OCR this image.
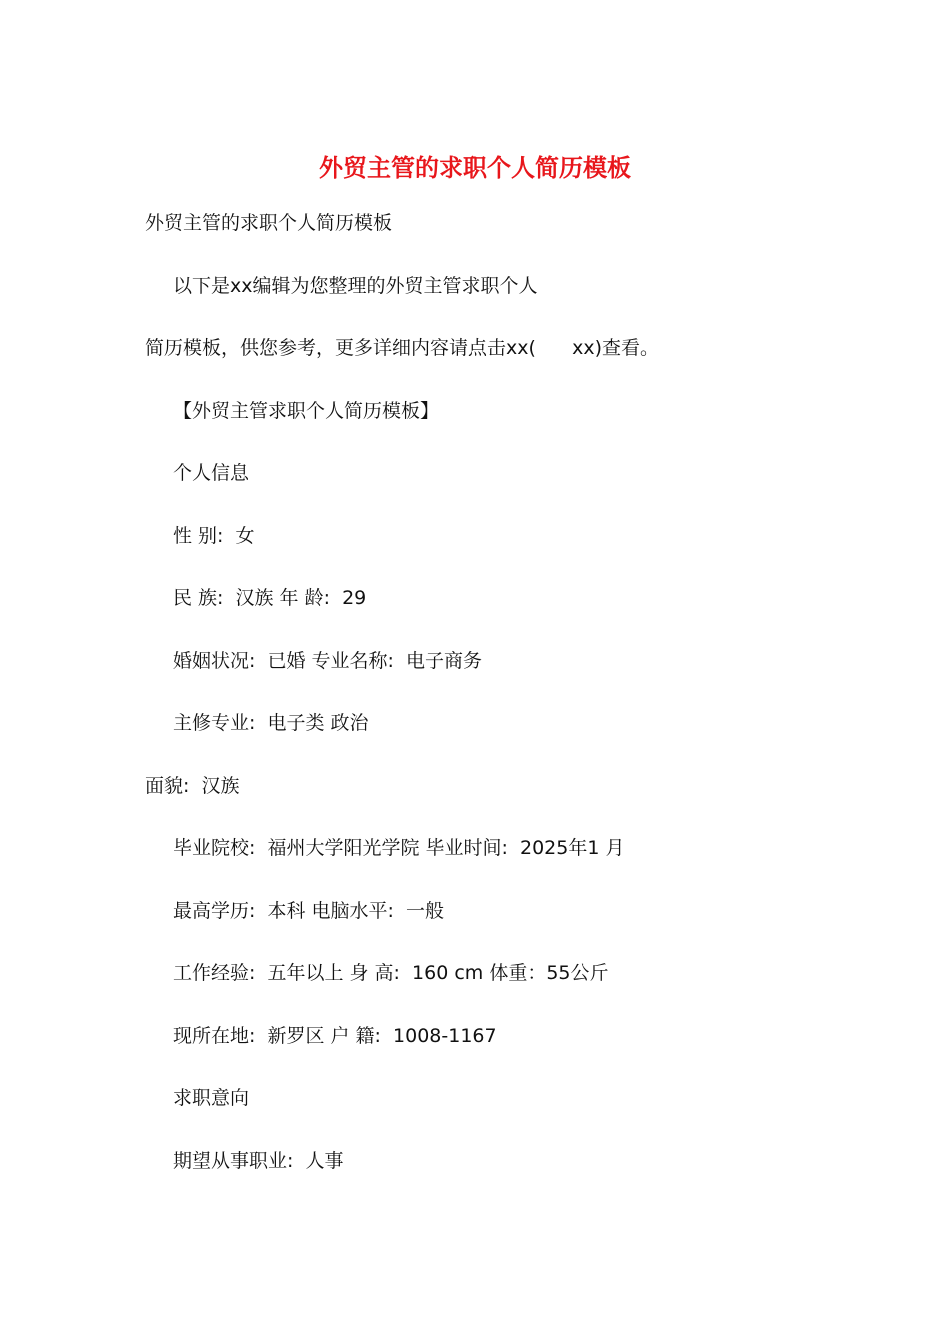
外贸主管的求职个人简历模板
外贸主管的求职个人简历模板
以下是xx编辑为您整理的外贸主管求职个人
简历模板，供您参考，更多详细内容请点击xx(      xx)查看。
【外贸主管求职个人简历模板】
个人信息
性 别:  女
民 族:  汉族 年 龄:  29
婚姻状况:  已婚 专业名称:  电子商务
主修专业:  电子类 政治
面貌:  汉族
毕业院校:  福州大学阳光学院 毕业时间:  2025年1 月
最高学历:  本科 电脑水平:  一般
工作经验:  五年以上 身 高:  160 cm 体重：55公斤
现所在地:  新罗区 户 籍:  1008-1167
求职意向
期望从事职业:  人事
